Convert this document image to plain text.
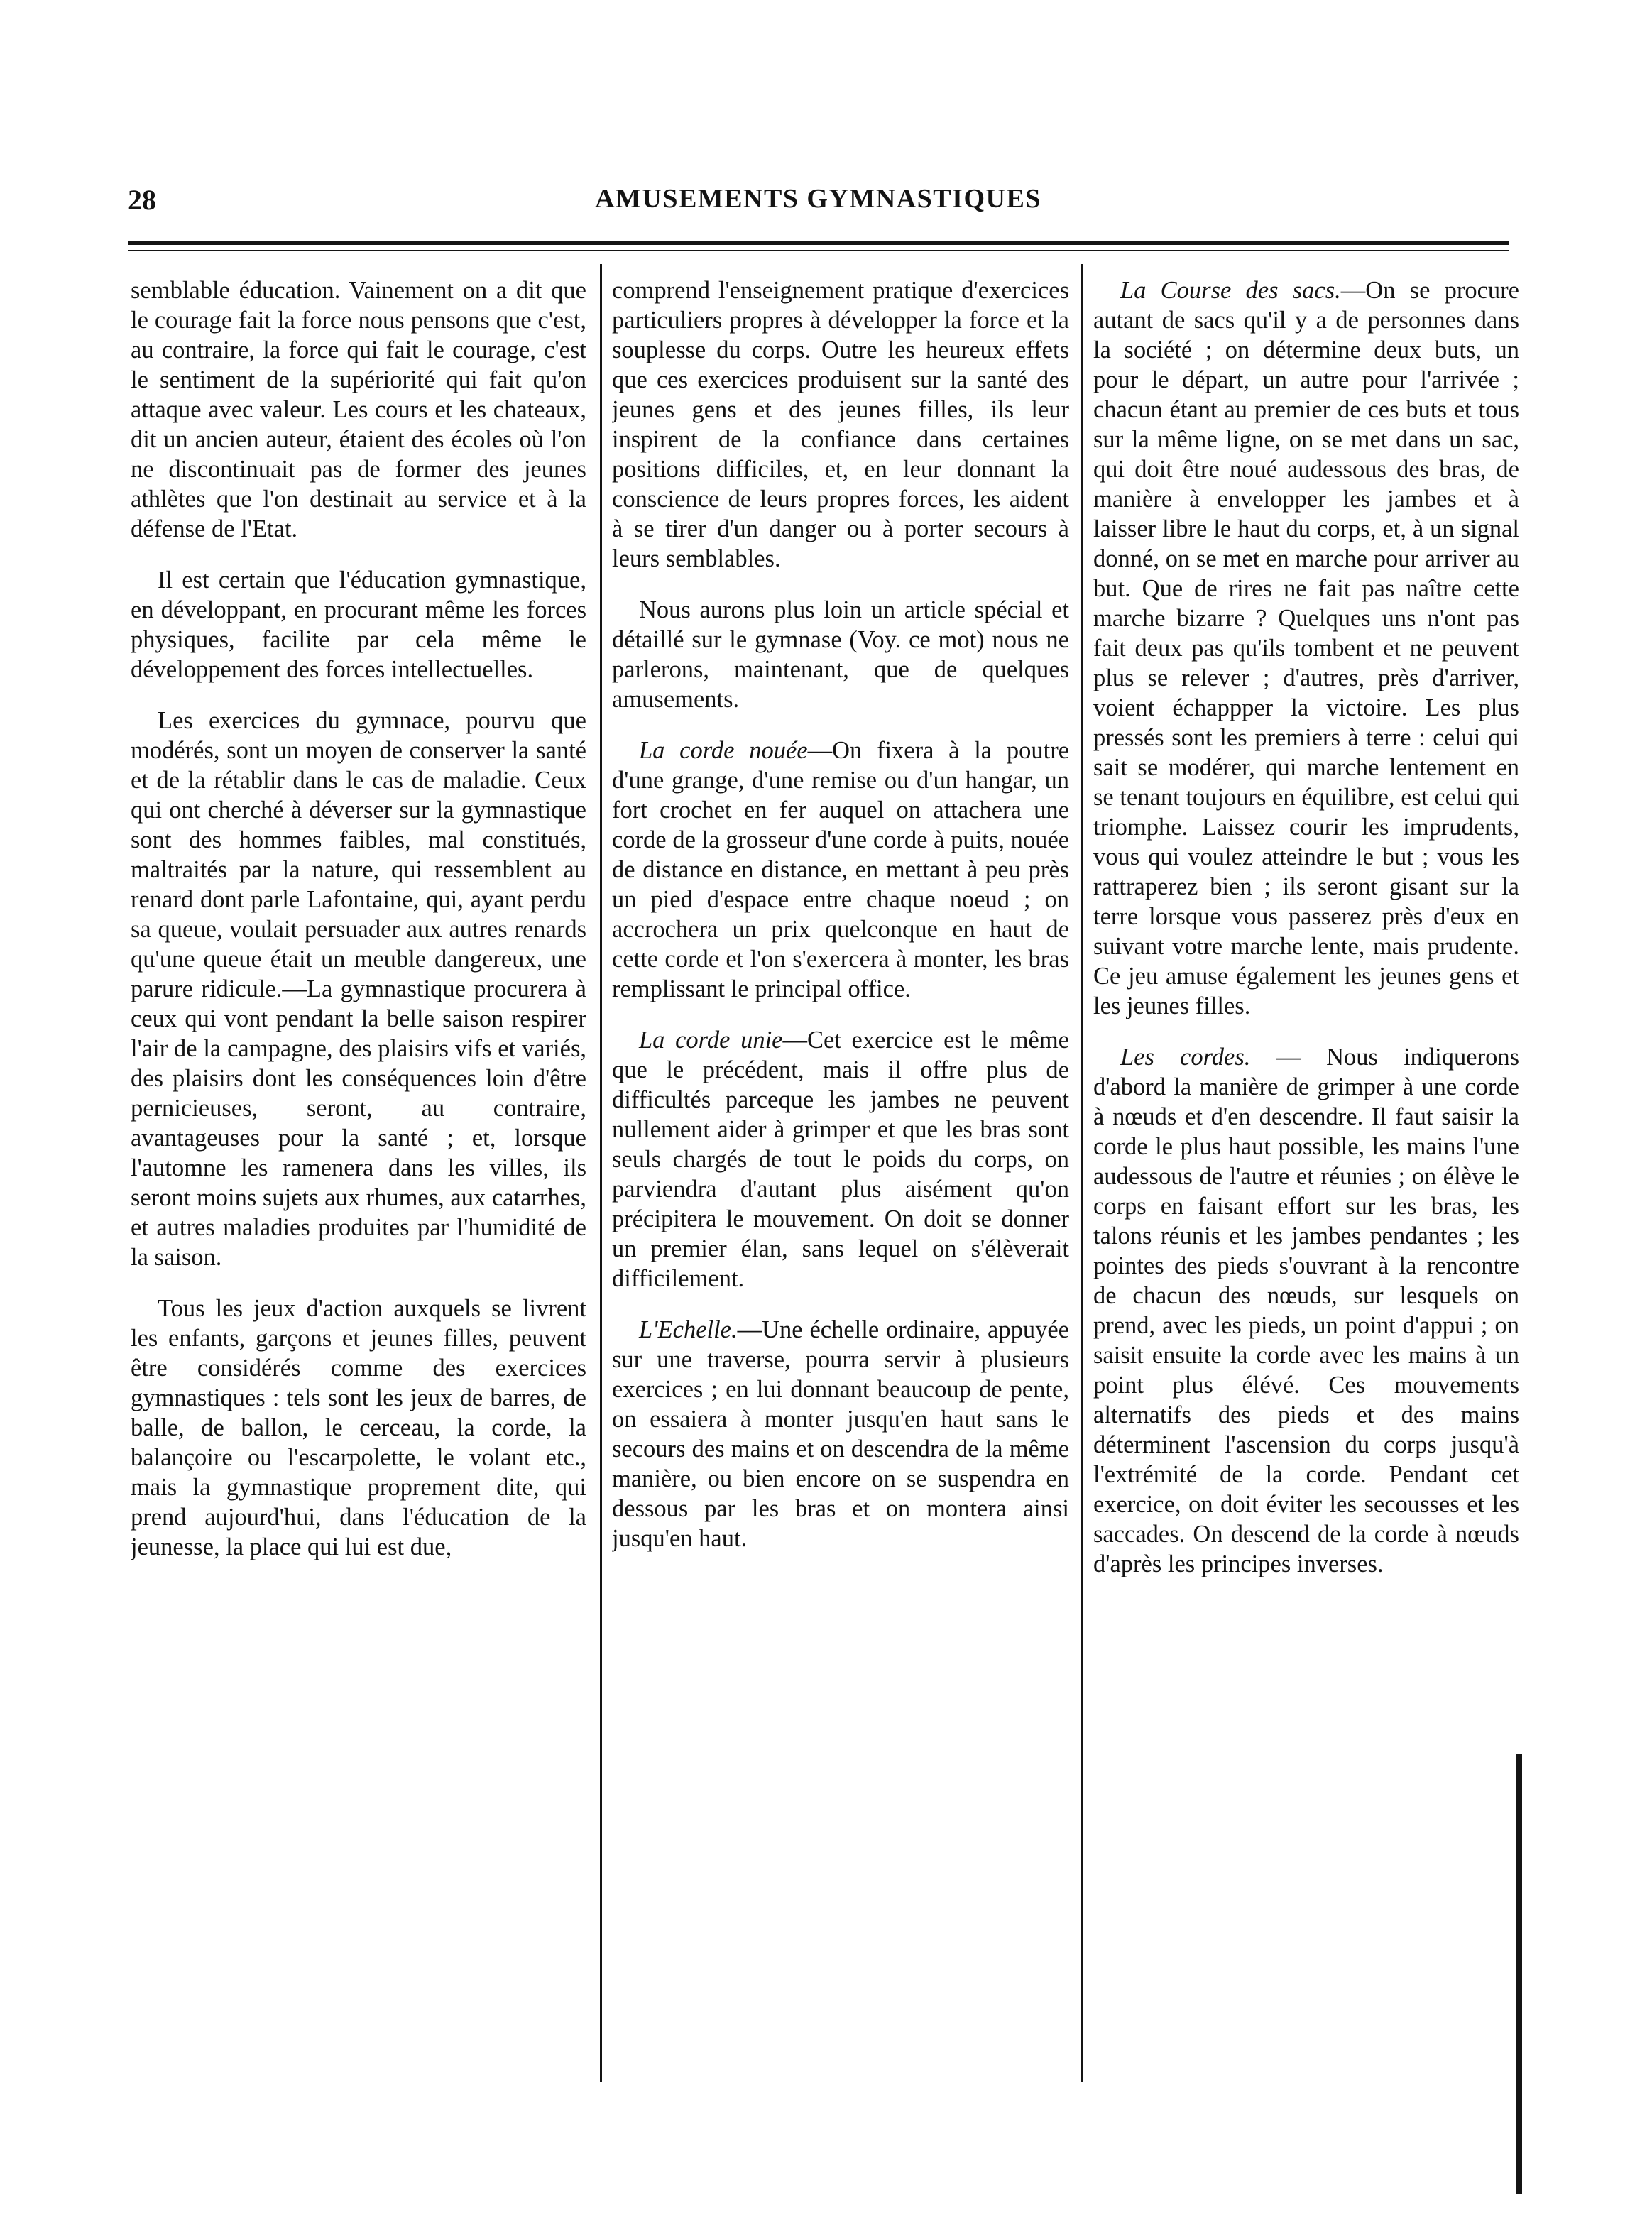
28	AMUSEMENTS GYMNASTIQUES

semblable éducation. Vainement on a dit que le courage fait la force nous pensons que c'est, au contraire, la force qui fait le courage, c'est le sentiment de la supériorité qui fait qu'on attaque avec valeur. Les cours et les chateaux, dit un ancien auteur, étaient des écoles où l'on ne discontinuait pas de former des jeunes athlètes que l'on destinait au service et à la défense de l'Etat.

Il est certain que l'éducation gymnastique, en développant, en procurant même les forces physiques, facilite par cela même le développement des forces intellectuelles.

Les exercices du gymnace, pourvu que modérés, sont un moyen de conserver la santé et de la rétablir dans le cas de maladie. Ceux qui ont cherché à déverser sur la gymnastique sont des hommes faibles, mal constitués, maltraités par la nature, qui ressemblent au renard dont parle Lafontaine, qui, ayant perdu sa queue, voulait persuader aux autres renards qu'une queue était un meuble dangereux, une parure ridicule.—La gymnastique procurera à ceux qui vont pendant la belle saison respirer l'air de la campagne, des plaisirs vifs et variés, des plaisirs dont les conséquences loin d'être pernicieuses, seront, au contraire, avantageuses pour la santé ; et, lorsque l'automne les ramenera dans les villes, ils seront moins sujets aux rhumes, aux catarrhes, et autres maladies produites par l'humidité de la saison.

Tous les jeux d'action auxquels se livrent les enfants, garçons et jeunes filles, peuvent être considérés comme des exercices gymnastiques : tels sont les jeux de barres, de balle, de ballon, le cerceau, la corde, la balançoire ou l'escarpolette, le volant etc., mais la gymnastique proprement dite, qui prend aujourd'hui, dans l'éducation de la jeunesse, la place qui lui est due,

comprend l'enseignement pratique d'exercices particuliers propres à développer la force et la souplesse du corps. Outre les heureux effets que ces exercices produisent sur la santé des jeunes gens et des jeunes filles, ils leur inspirent de la confiance dans certaines positions difficiles, et, en leur donnant la conscience de leurs propres forces, les aident à se tirer d'un danger ou à porter secours à leurs semblables.

Nous aurons plus loin un article spécial et détaillé sur le gymnase (Voy. ce mot) nous ne parlerons, maintenant, que de quelques amusements.

La corde nouée—On fixera à la poutre d'une grange, d'une remise ou d'un hangar, un fort crochet en fer auquel on attachera une corde de la grosseur d'une corde à puits, nouée de distance en distance, en mettant à peu près un pied d'espace entre chaque noeud ; on accrochera un prix quelconque en haut de cette corde et l'on s'exercera à monter, les bras remplissant le principal office.

La corde unie—Cet exercice est le même que le précédent, mais il offre plus de difficultés parceque les jambes ne peuvent nullement aider à grimper et que les bras sont seuls chargés de tout le poids du corps, on parviendra d'autant plus aisément qu'on précipitera le mouvement. On doit se donner un premier élan, sans lequel on s'élèverait difficilement.

L'Echelle.—Une échelle ordinaire, appuyée sur une traverse, pourra servir à plusieurs exercices ; en lui donnant beaucoup de pente, on essaiera à monter jusqu'en haut sans le secours des mains et on descendra de la même manière, ou bien encore on se suspendra en dessous par les bras et on montera ainsi jusqu'en haut.

La Course des sacs.—On se procure autant de sacs qu'il y a de personnes dans la société ; on détermine deux buts, un pour le départ, un autre pour l'arrivée ; chacun étant au premier de ces buts et tous sur la même ligne, on se met dans un sac, qui doit être noué audessous des bras, de manière à envelopper les jambes et à laisser libre le haut du corps, et, à un signal donné, on se met en marche pour arriver au but. Que de rires ne fait pas naître cette marche bizarre ? Quelques uns n'ont pas fait deux pas qu'ils tombent et ne peuvent plus se relever ; d'autres, près d'arriver, voient échappper la victoire. Les plus pressés sont les premiers à terre : celui qui sait se modérer, qui marche lentement en se tenant toujours en équilibre, est celui qui triomphe. Laissez courir les imprudents, vous qui voulez atteindre le but ; vous les rattraperez bien ; ils seront gisant sur la terre lorsque vous passerez près d'eux en suivant votre marche lente, mais prudente. Ce jeu amuse également les jeunes gens et les jeunes filles.

Les cordes. — Nous indiquerons d'abord la manière de grimper à une corde à nœuds et d'en descendre. Il faut saisir la corde le plus haut possible, les mains l'une audessous de l'autre et réunies ; on élève le corps en faisant effort sur les bras, les talons réunis et les jambes pendantes ; les pointes des pieds s'ouvrant à la rencontre de chacun des nœuds, sur lesquels on prend, avec les pieds, un point d'appui ; on saisit ensuite la corde avec les mains à un point plus élévé. Ces mouvements alternatifs des pieds et des mains déterminent l'ascension du corps jusqu'à l'extrémité de la corde. Pendant cet exercice, on doit éviter les secousses et les saccades. On descend de la corde à nœuds d'après les principes inverses.
